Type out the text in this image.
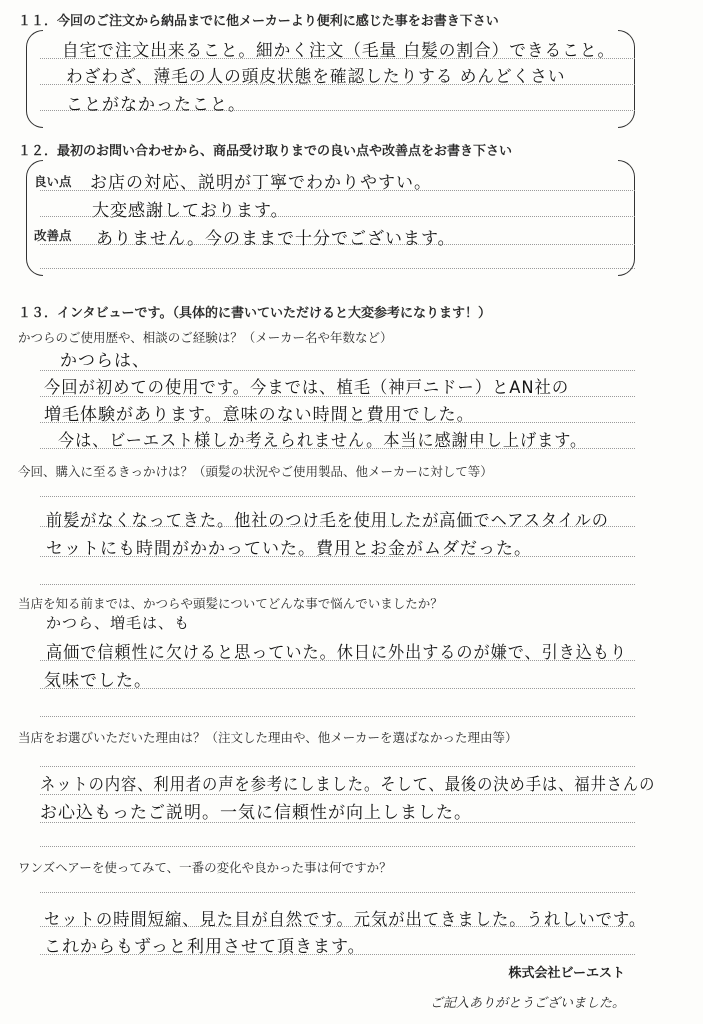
１１．今回のご注文から納品までに他メーカーより便利に感じた事をお書き下さい
自宅で注文出来ること。細かく注文（毛量 白髪の割合）できること。
わざわざ、薄毛の人の頭皮状態を確認したりする めんどくさい
ことがなかったこと。
１２．最初のお問い合わせから、商品受け取りまでの良い点や改善点をお書き下さい
良い点
改善点
お店の対応、説明が丁寧でわかりやすい。
大変感謝しております。
ありません。今のままで十分でございます。
１３．インタビューです。（具体的に書いていただけると大変参考になります！）
かつらのご使用歴や、相談のご経験は？（メーカー名や年数など）
かつらは、
今回が初めての使用です。今までは、植毛（神戸ニドー）とAN社の
増毛体験があります。意味のない時間と費用でした。
今は、ビーエスト様しか考えられません。本当に感謝申し上げます。
今回、購入に至るきっかけは？（頭髪の状況やご使用製品、他メーカーに対して等）
前髪がなくなってきた。他社のつけ毛を使用したが高価でヘアスタイルの
セットにも時間がかかっていた。費用とお金がムダだった。
当店を知る前までは、かつらや頭髪についてどんな事で悩んでいましたか？
かつら、増毛は、も
高価で信頼性に欠けると思っていた。休日に外出するのが嫌で、引き込もり
気味でした。
当店をお選びいただいた理由は？（注文した理由や、他メーカーを選ばなかった理由等）
ネットの内容、利用者の声を参考にしました。そして、最後の決め手は、福井さんの
お心込もったご説明。一気に信頼性が向上しました。
ワンズヘアーを使ってみて、一番の変化や良かった事は何ですか？
セットの時間短縮、見た目が自然です。元気が出てきました。うれしいです。
これからもずっと利用させて頂きます。
株式会社ビーエスト
ご記入ありがとうございました。
